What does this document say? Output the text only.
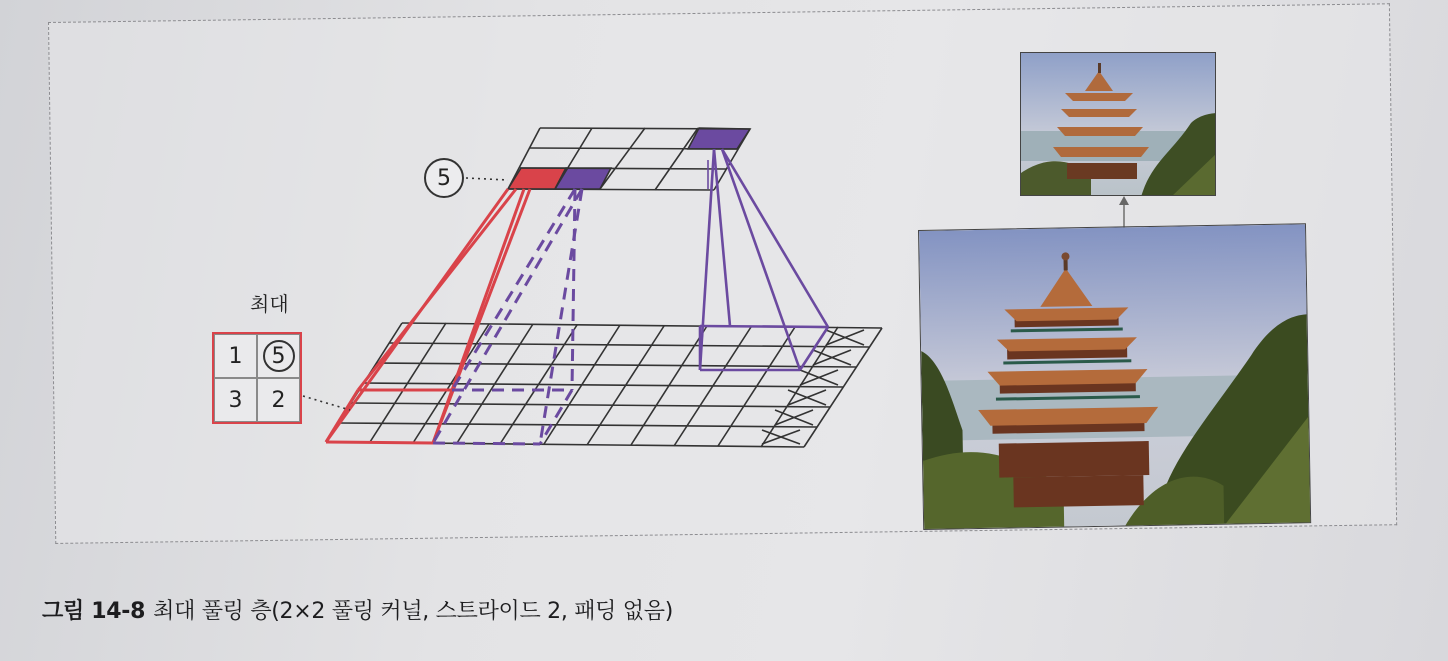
5
최대
1	5
3 2
그림 14-8 최대 풀링 층(2×2 풀링 커널, 스트라이드 2, 패딩 없음)
